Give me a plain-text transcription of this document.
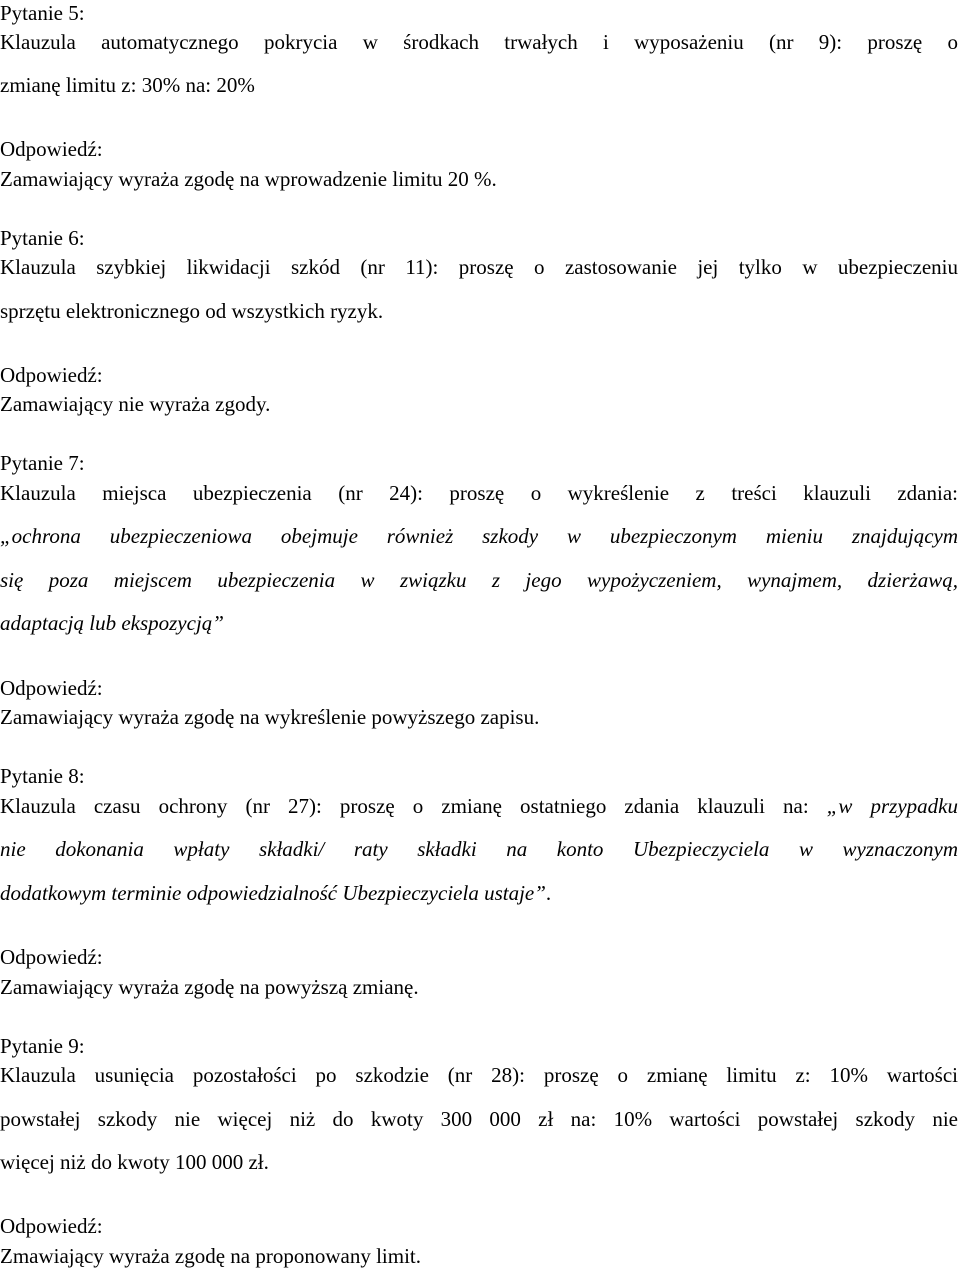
Pytanie 5:
Klauzula automatycznego pokrycia w środkach trwałych i wyposażeniu (nr 9): proszę o
zmianę limitu z: 30% na: 20%
Odpowiedź:
Zamawiający wyraża zgodę na wprowadzenie limitu 20 %.
Pytanie 6:
Klauzula szybkiej likwidacji szkód (nr 11): proszę o zastosowanie jej tylko w ubezpieczeniu
sprzętu elektronicznego od wszystkich ryzyk.
Odpowiedź:
Zamawiający nie wyraża zgody.
Pytanie 7:
Klauzula miejsca ubezpieczenia (nr 24): proszę o wykreślenie z treści klauzuli zdania:
„ochrona ubezpieczeniowa obejmuje również szkody w ubezpieczonym mieniu znajdującym
się poza miejscem ubezpieczenia w związku z jego wypożyczeniem, wynajmem, dzierżawą,
adaptacją lub ekspozycją”
Odpowiedź:
Zamawiający wyraża zgodę na wykreślenie powyższego zapisu.
Pytanie 8:
Klauzula czasu ochrony (nr 27): proszę o zmianę ostatniego zdania klauzuli na: „w przypadku
nie dokonania wpłaty składki/ raty składki na konto Ubezpieczyciela w wyznaczonym
dodatkowym terminie odpowiedzialność Ubezpieczyciela ustaje”.
Odpowiedź:
Zamawiający wyraża zgodę na powyższą zmianę.
Pytanie 9:
Klauzula usunięcia pozostałości po szkodzie (nr 28): proszę o zmianę limitu z: 10% wartości
powstałej szkody nie więcej niż do kwoty 300 000 zł na: 10% wartości powstałej szkody nie
więcej niż do kwoty 100 000 zł.
Odpowiedź:
Zmawiający wyraża zgodę na proponowany limit.
